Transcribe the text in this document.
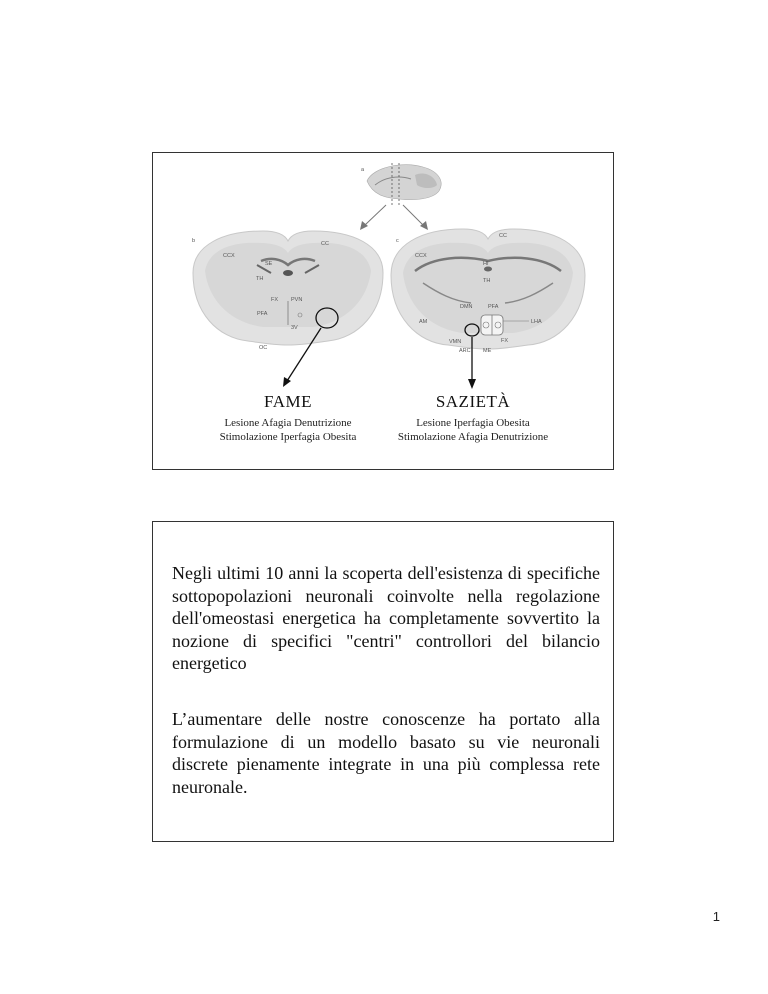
a
b
CCX
CC
SE
TH
FX PVN
PFA
3V
OC
c
CC
CCX
HI
TH
DMN	PFA
AM	LHA
VMN	FX
ARC ME
FAME
Lesione Afagia Denutrizione
Stimolazione Iperfagia Obesita
SAZIETÀ
Lesione Iperfagia Obesita
Stimolazione Afagia Denutrizione

Negli ultimi 10 anni la scoperta dell'esistenza di specifiche sottopopolazioni neuronali coinvolte nella regolazione dell'omeostasi energetica ha completamente sovvertito la nozione di specifici "centri" controllori del bilancio energetico

L’aumentare delle nostre conoscenze ha portato alla formulazione di un modello basato su vie neuronali discrete pienamente integrate in una più complessa rete neuronale.

1
